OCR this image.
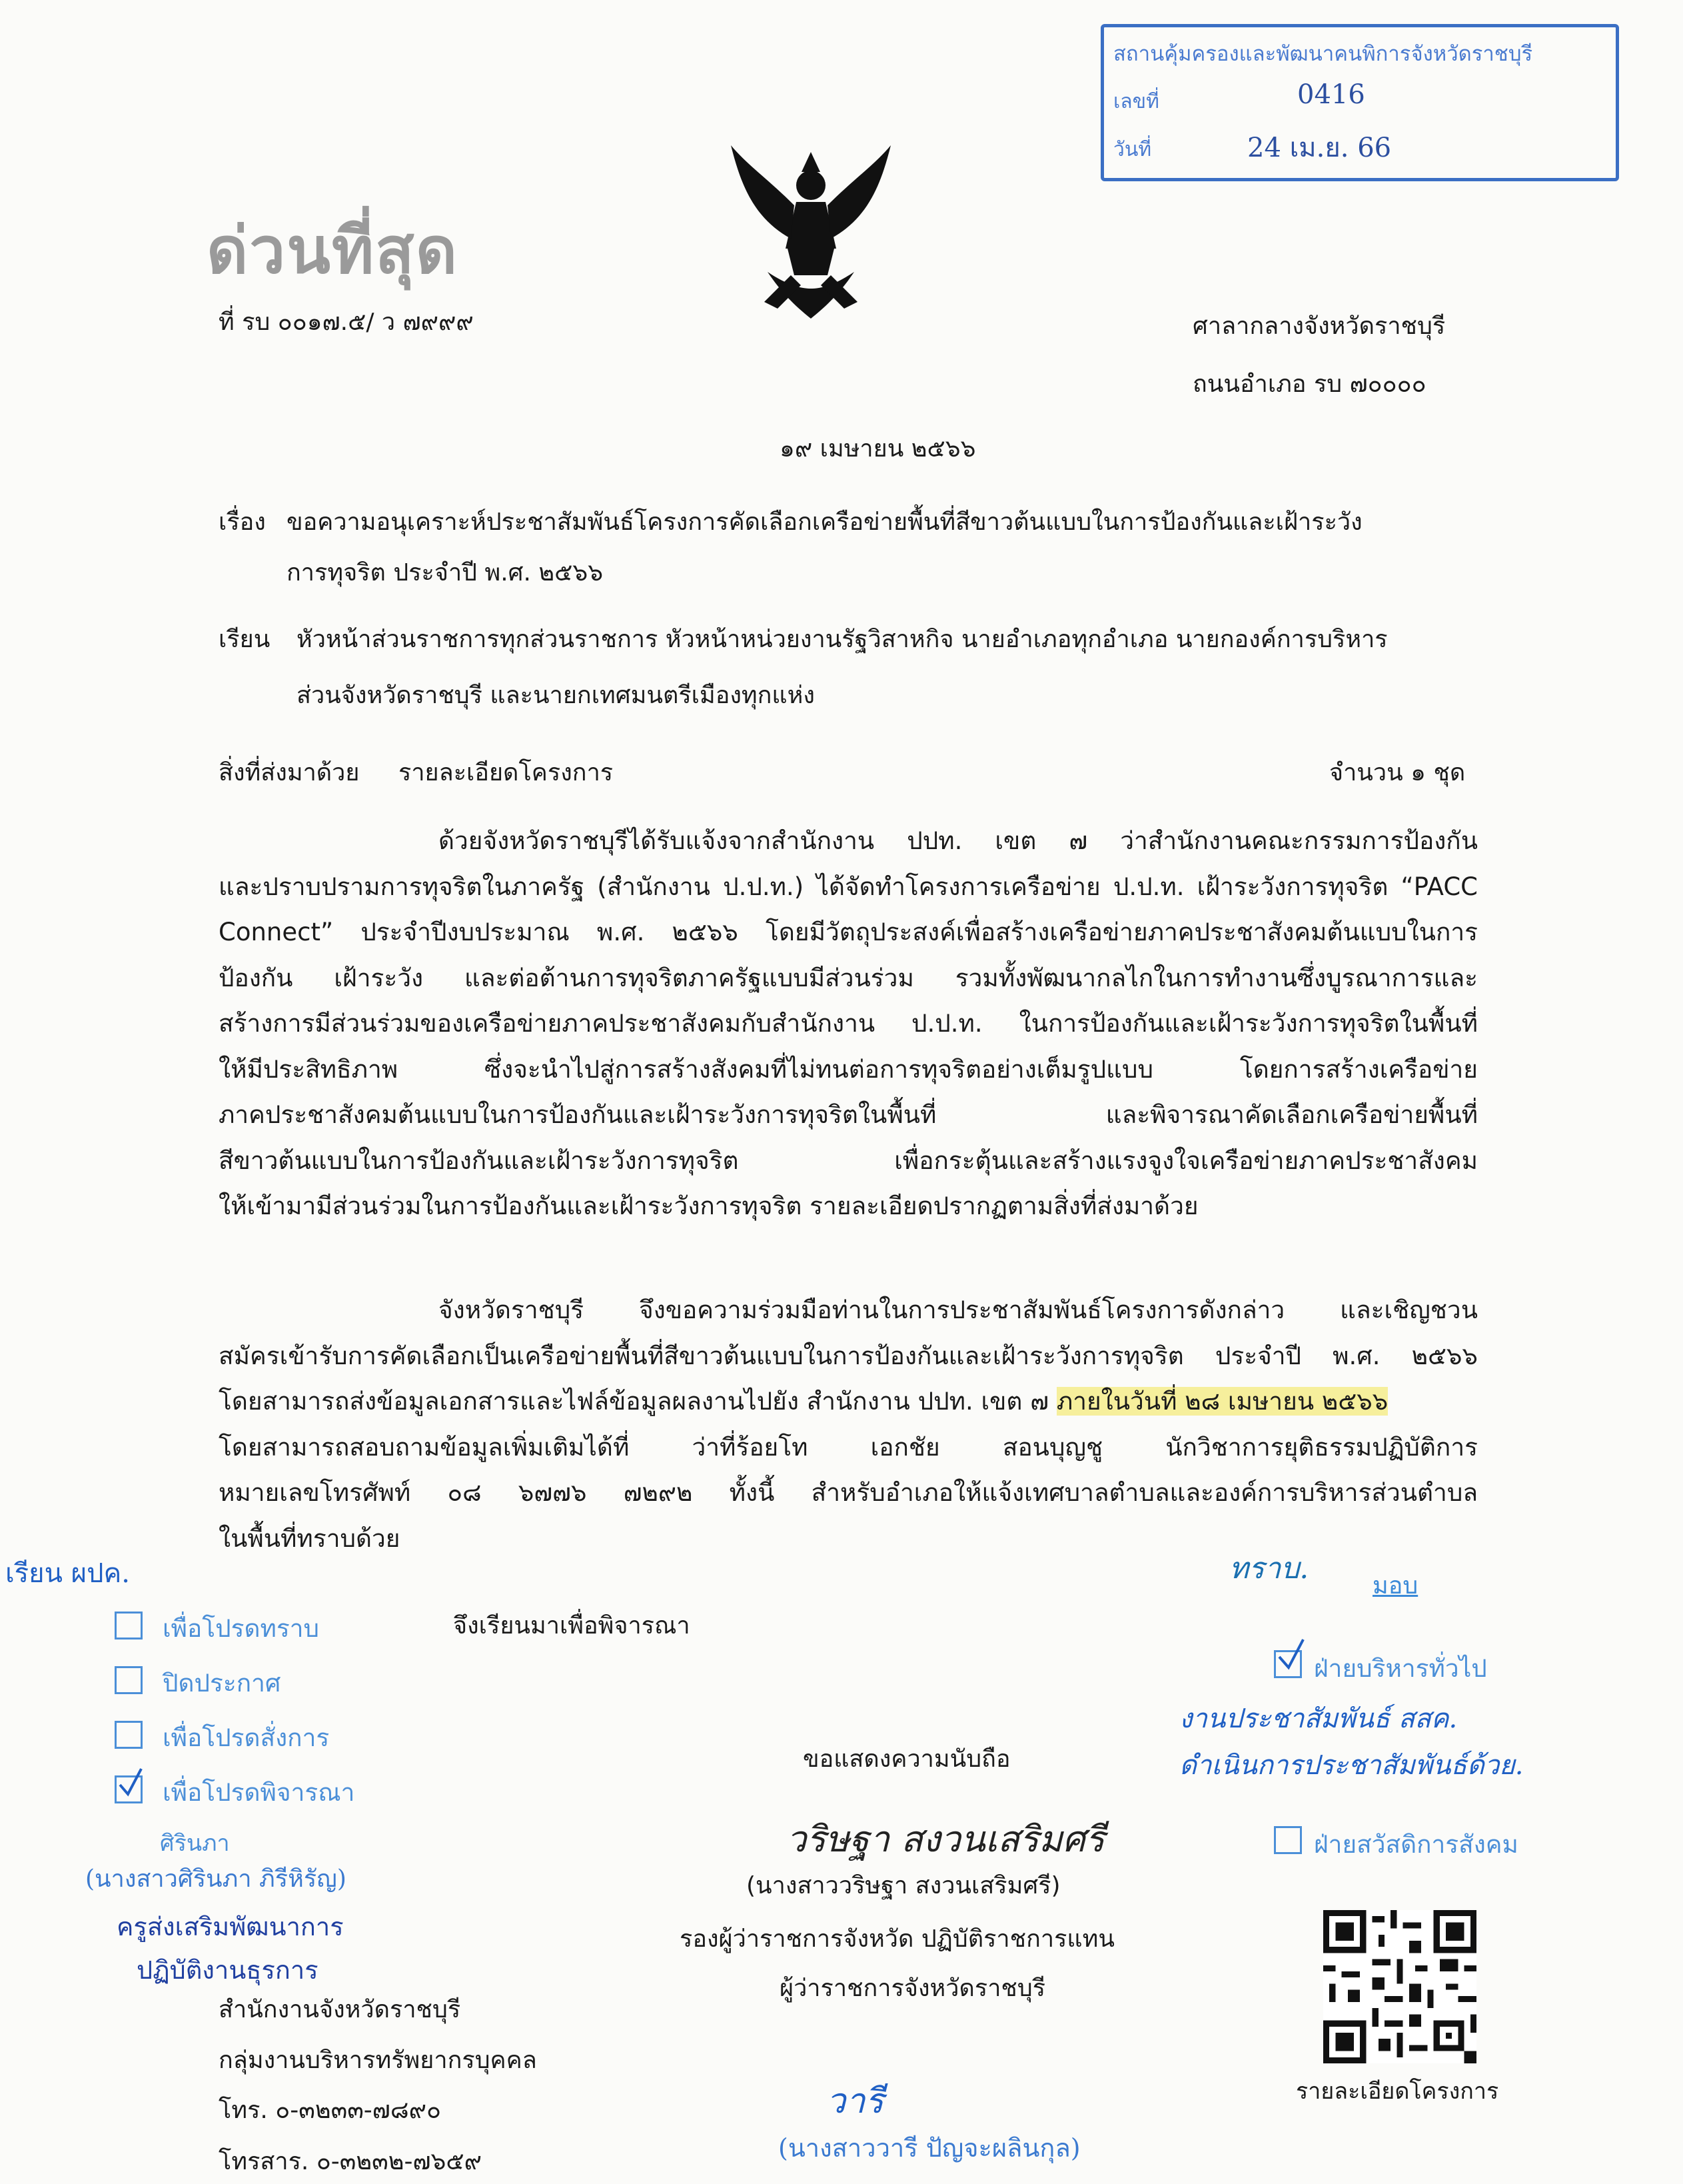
สถานคุ้มครองและพัฒนาคนพิการจังหวัดราชบุรี
เลขที่	0416
วันที่	24 เม.ย. 66
ด่วนที่สุด
ที่ รบ ๐๐๑๗.๕/ ว ๗๙๙๙	ศาลากลางจังหวัดราชบุรี
ถนนอำเภอ รบ ๗๐๐๐๐
๑๙ เมษายน ๒๕๖๖
เรื่อง ขอความอนุเคราะห์ประชาสัมพันธ์โครงการคัดเลือกเครือข่ายพื้นที่สีขาวต้นแบบในการป้องกันและเฝ้าระวัง
การทุจริต ประจำปี พ.ศ. ๒๕๖๖
เรียน หัวหน้าส่วนราชการทุกส่วนราชการ หัวหน้าหน่วยงานรัฐวิสาหกิจ นายอำเภอทุกอำเภอ นายกองค์การบริหาร
ส่วนจังหวัดราชบุรี และนายกเทศมนตรีเมืองทุกแห่ง
สิ่งที่ส่งมาด้วย รายละเอียดโครงการ	จำนวน ๑ ชุด
ด้วยจังหวัดราชบุรีได้รับแจ้งจากสำนักงาน ปปท. เขต ๗ ว่าสำนักงานคณะกรรมการป้องกัน
และปราบปรามการทุจริตในภาครัฐ (สำนักงาน ป.ป.ท.) ได้จัดทำโครงการเครือข่าย ป.ป.ท. เฝ้าระวังการทุจริต “PACC
Connect” ประจำปีงบประมาณ พ.ศ. ๒๕๖๖ โดยมีวัตถุประสงค์เพื่อสร้างเครือข่ายภาคประชาสังคมต้นแบบในการ
ป้องกัน เฝ้าระวัง และต่อต้านการทุจริตภาครัฐแบบมีส่วนร่วม รวมทั้งพัฒนากลไกในการทำงานซึ่งบูรณาการและ
สร้างการมีส่วนร่วมของเครือข่ายภาคประชาสังคมกับสำนักงาน ป.ป.ท. ในการป้องกันและเฝ้าระวังการทุจริตในพื้นที่
ให้มีประสิทธิภาพ ซึ่งจะนำไปสู่การสร้างสังคมที่ไม่ทนต่อการทุจริตอย่างเต็มรูปแบบ โดยการสร้างเครือข่าย
ภาคประชาสังคมต้นแบบในการป้องกันและเฝ้าระวังการทุจริตในพื้นที่ และพิจารณาคัดเลือกเครือข่ายพื้นที่
สีขาวต้นแบบในการป้องกันและเฝ้าระวังการทุจริต เพื่อกระตุ้นและสร้างแรงจูงใจเครือข่ายภาคประชาสังคม
ให้เข้ามามีส่วนร่วมในการป้องกันและเฝ้าระวังการทุจริต รายละเอียดปรากฏตามสิ่งที่ส่งมาด้วย
จังหวัดราชบุรี จึงขอความร่วมมือท่านในการประชาสัมพันธ์โครงการดังกล่าว และเชิญชวน
สมัครเข้ารับการคัดเลือกเป็นเครือข่ายพื้นที่สีขาวต้นแบบในการป้องกันและเฝ้าระวังการทุจริต ประจำปี พ.ศ. ๒๕๖๖
โดยสามารถส่งข้อมูลเอกสารและไฟล์ข้อมูลผลงานไปยัง สำนักงาน ปปท. เขต ๗ ภายในวันที่ ๒๘ เมษายน ๒๕๖๖
โดยสามารถสอบถามข้อมูลเพิ่มเติมได้ที่ ว่าที่ร้อยโท เอกชัย สอนบุญชู นักวิชาการยุติธรรมปฏิบัติการ
หมายเลขโทรศัพท์ ๐๘ ๖๗๗๖ ๗๒๙๒ ทั้งนี้ สำหรับอำเภอให้แจ้งเทศบาลตำบลและองค์การบริหารส่วนตำบล
ในพื้นที่ทราบด้วย
จึงเรียนมาเพื่อพิจารณา
ขอแสดงความนับถือ
วริษฐา สงวนเสริมศรี
(นางสาววริษฐา สงวนเสริมศรี)
รองผู้ว่าราชการจังหวัด ปฏิบัติราชการแทน
ผู้ว่าราชการจังหวัดราชบุรี
สำนักงานจังหวัดราชบุรี
กลุ่มงานบริหารทรัพยากรบุคคล
โทร. ๐-๓๒๓๓-๗๘๙๐
โทรสาร. ๐-๓๒๓๒-๗๖๕๙
เรียน ผปค.
เพื่อโปรดทราบ
ปิดประกาศ
เพื่อโปรดสั่งการ
เพื่อโปรดพิจารณา
ศิรินภา
(นางสาวศิรินภา ภิรีหิรัญ)
ครูส่งเสริมพัฒนาการ
ปฏิบัติงานธุรการ
ทราบ.
มอบ
ฝ่ายบริหารทั่วไป
งานประชาสัมพันธ์ สสค.
ดำเนินการประชาสัมพันธ์ด้วย.
ฝ่ายสวัสดิการสังคม
รายละเอียดโครงการ
วารี
(นางสาววารี ปัญจะผลินกุล)
